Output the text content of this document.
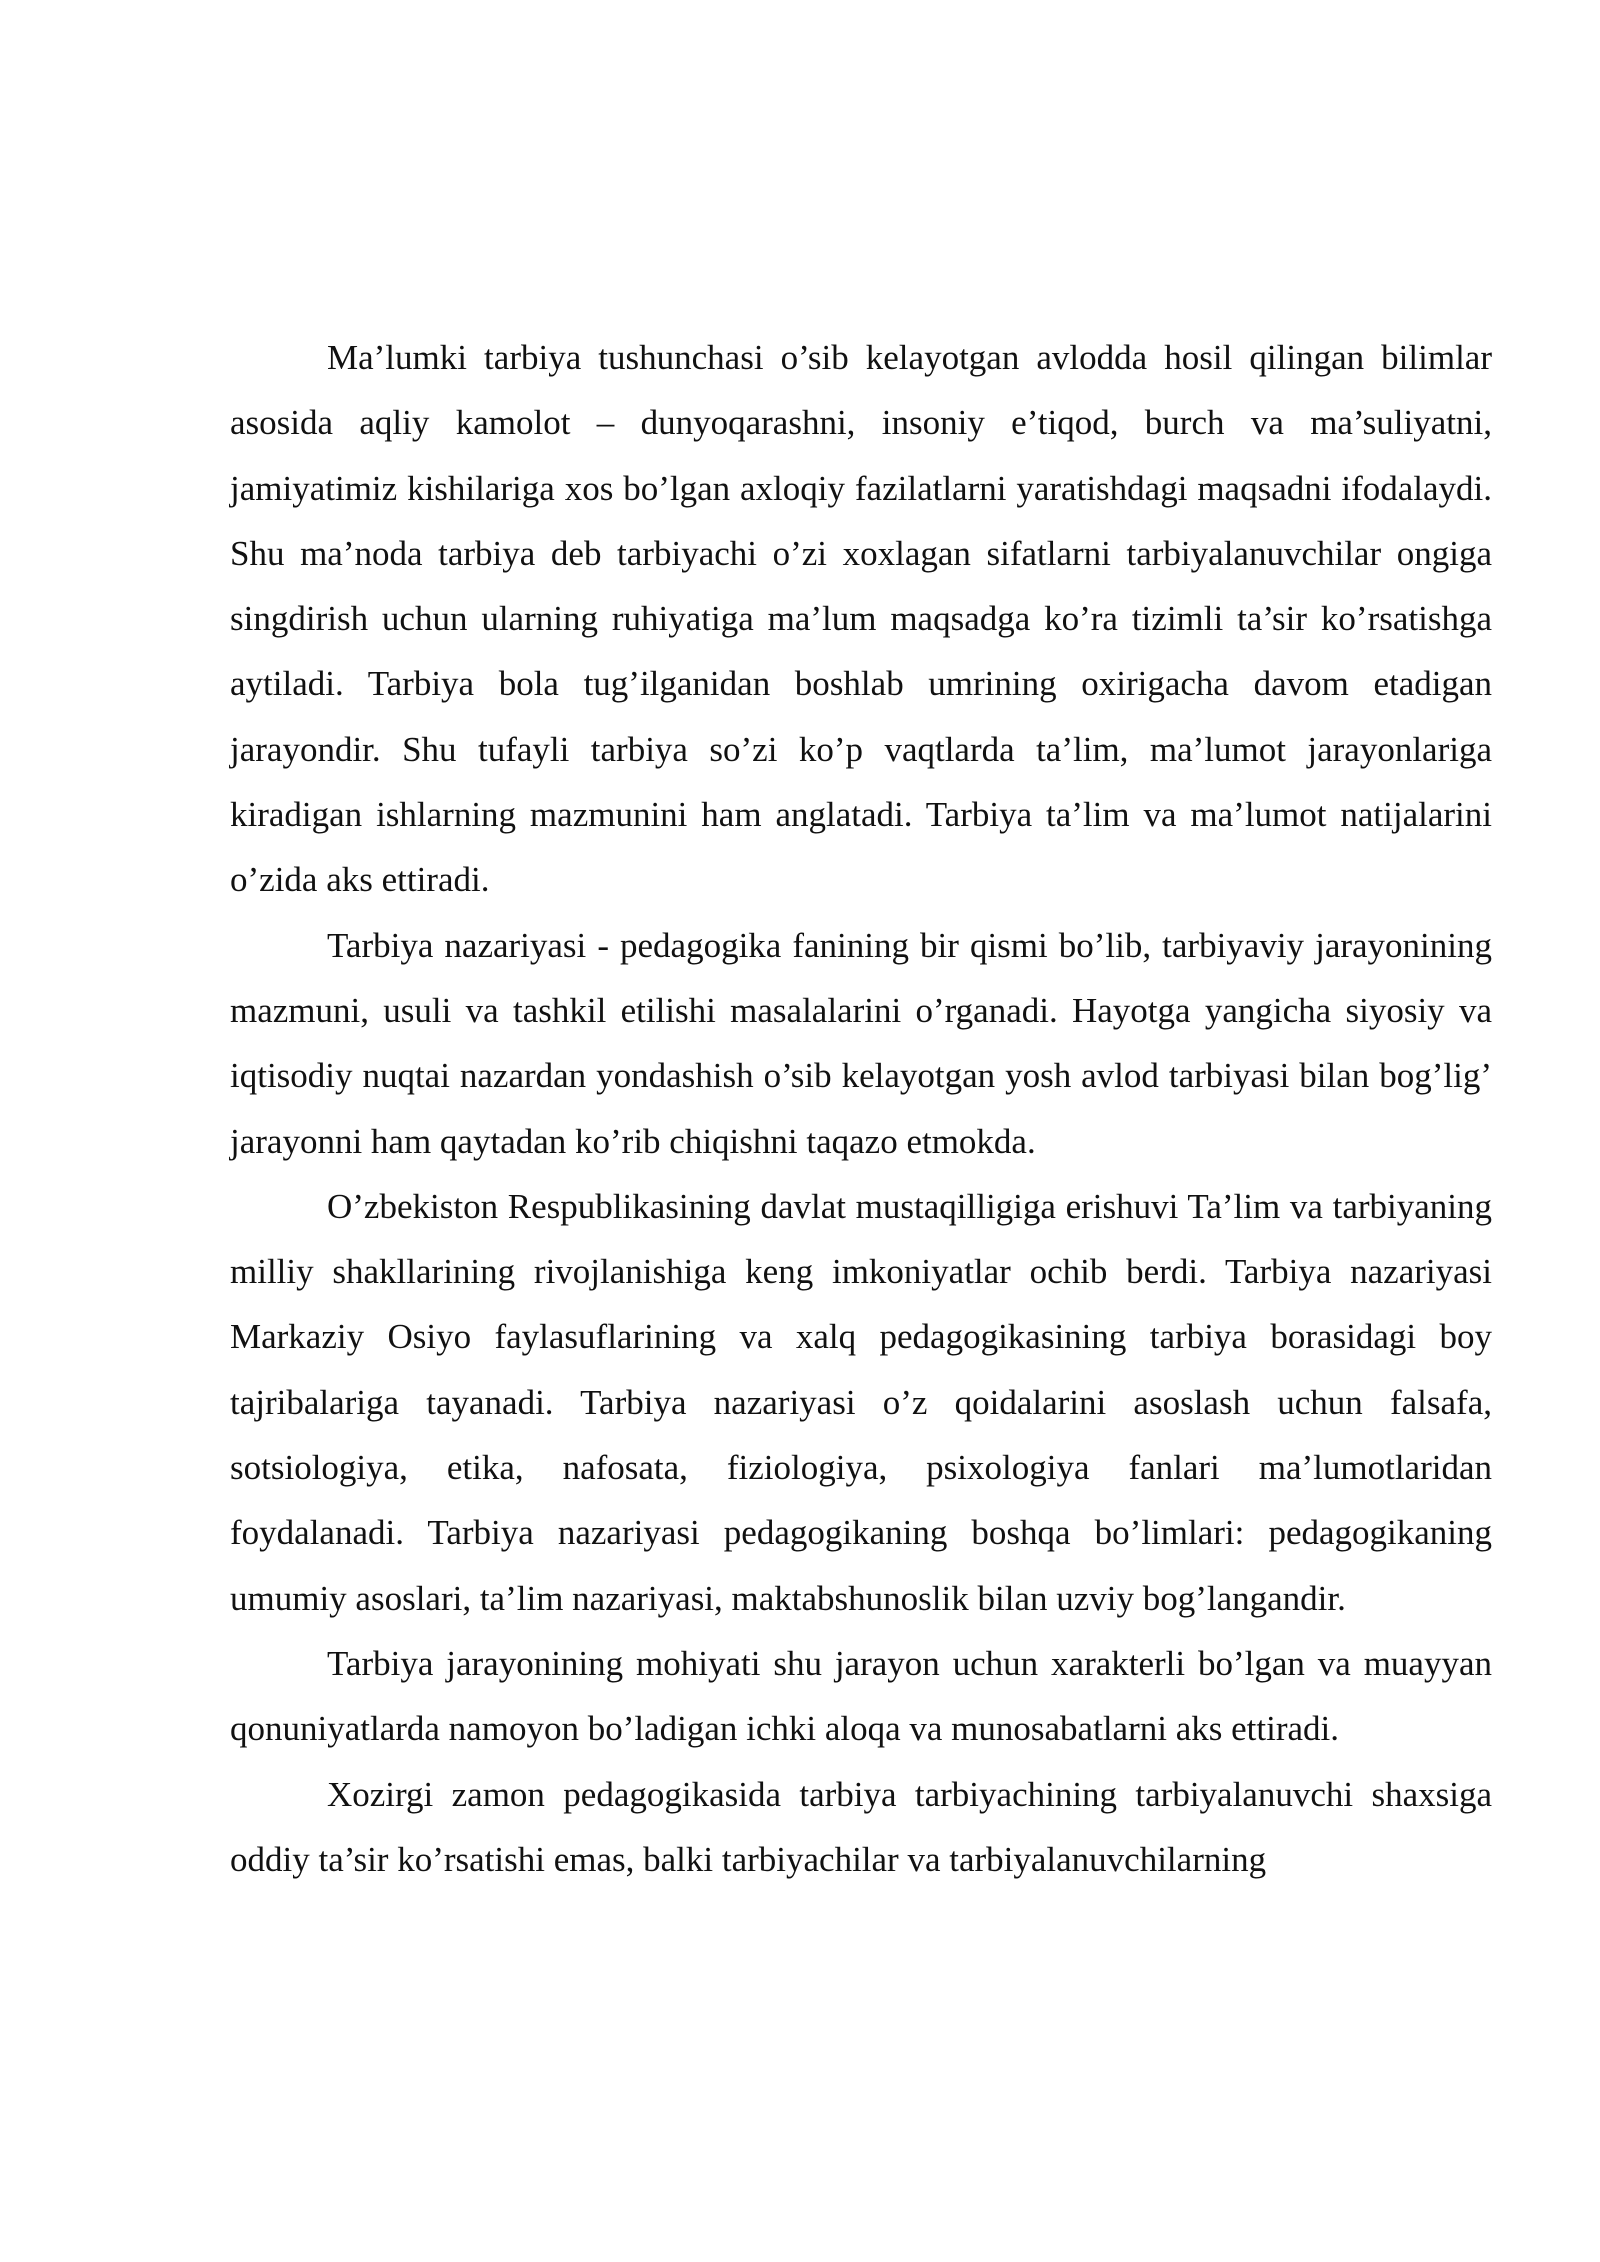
Ma’lumki tarbiya tushunchasi o’sib kelayotgan avlodda hosil qilingan bilimlar asosida aqliy kamolot – dunyoqarashni, insoniy e’tiqod, burch va ma’suliyatni, jamiyatimiz kishilariga xos bo’lgan axloqiy fazilatlarni yaratishdagi maqsadni ifodalaydi. Shu ma’noda tarbiya deb tarbiyachi o’zi xoxlagan sifatlarni tarbiyalanuvchilar ongiga singdirish uchun ularning ruhiyatiga ma’lum maqsadga ko’ra tizimli ta’sir ko’rsatishga aytiladi. Tarbiya bola tug’ilganidan boshlab umrining oxirigacha davom etadigan jarayondir. Shu tufayli tarbiya so’zi ko’p vaqtlarda ta’lim, ma’lumot jarayonlariga kiradigan ishlarning mazmunini ham anglatadi. Tarbiya ta’lim va ma’lumot natijalarini o’zida aks ettiradi.

Tarbiya nazariyasi - pedagogika fanining bir qismi bo’lib, tarbiyaviy jarayonining mazmuni, usuli va tashkil etilishi masalalarini o’rganadi. Hayotga yangicha siyosiy va iqtisodiy nuqtai nazardan yondashish o’sib kelayotgan yosh avlod tarbiyasi bilan bog’lig’ jarayonni ham qaytadan ko’rib chiqishni taqazo etmokda.

O’zbekiston Respublikasining davlat mustaqilligiga erishuvi Ta’lim va tarbiyaning milliy shakllarining rivojlanishiga keng imkoniyatlar ochib berdi. Tarbiya nazariyasi Markaziy Osiyo faylasuflarining va xalq pedagogikasining tarbiya borasidagi boy tajribalariga tayanadi. Tarbiya nazariyasi o’z qoidalarini asoslash uchun falsafa, sotsiologiya, etika, nafosata, fiziologiya, psixologiya fanlari ma’lumotlaridan foydalanadi. Tarbiya nazariyasi pedagogikaning boshqa bo’limlari: pedagogikaning umumiy asoslari, ta’lim nazariyasi, maktabshunoslik bilan uzviy bog’langandir.

Tarbiya jarayonining mohiyati shu jarayon uchun xarakterli bo’lgan va muayyan qonuniyatlarda namoyon bo’ladigan ichki aloqa va munosabatlarni aks ettiradi.

Xozirgi zamon pedagogikasida tarbiya tarbiyachining tarbiyalanuvchi shaxsiga oddiy ta’sir ko’rsatishi emas, balki tarbiyachilar va tarbiyalanuvchilarning
